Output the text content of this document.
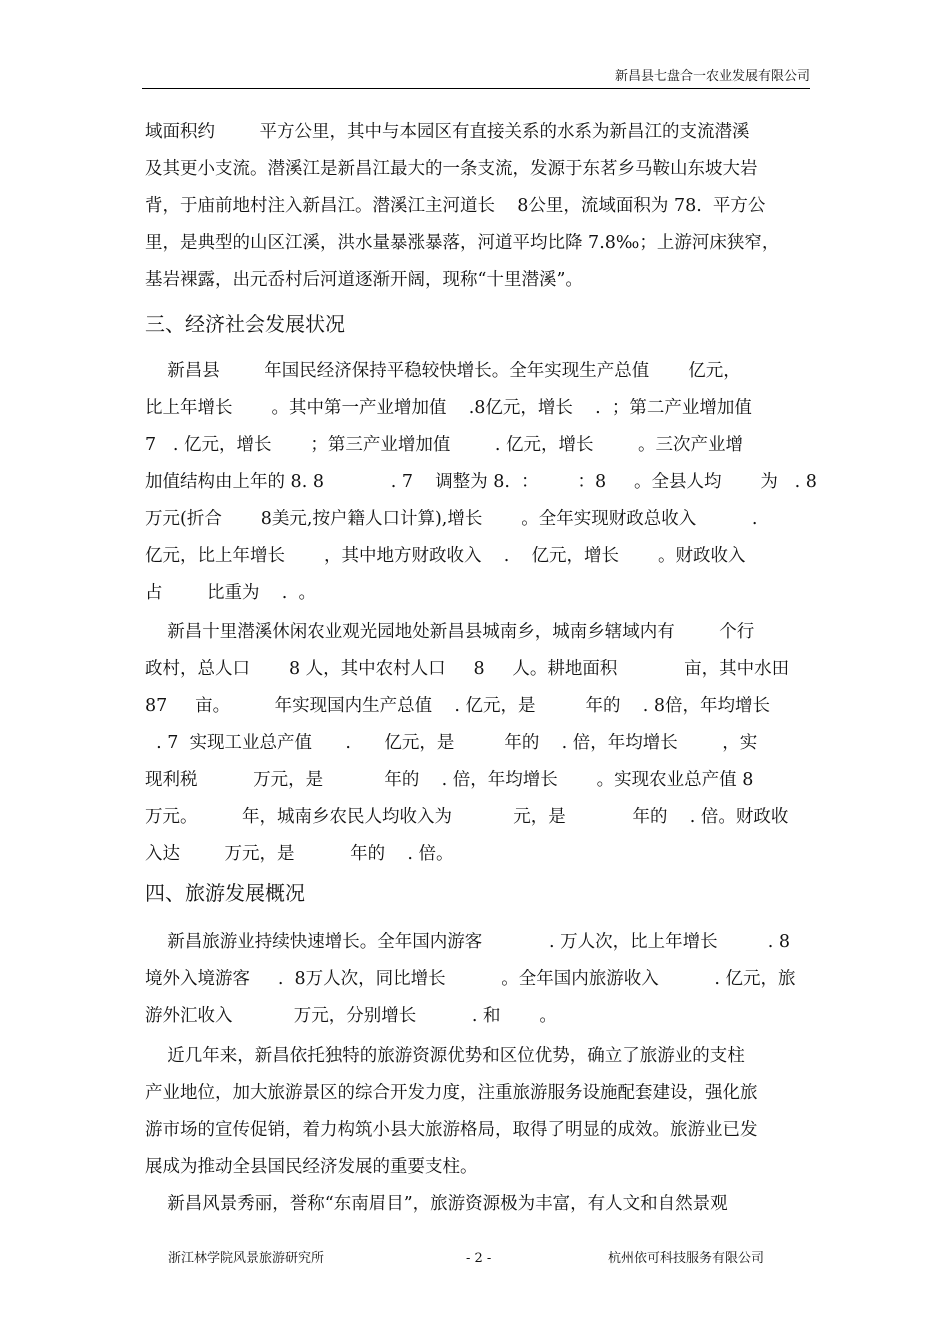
新昌县七盘合一农业发展有限公司
域面积约        平方公里，其中与本园区有直接关系的水系为新昌江的支流潜溪
及其更小支流。潜溪江是新昌江最大的一条支流，发源于东茗乡马鞍山东坡大岩
背，于庙前地村注入新昌江。潜溪江主河道长    8公里，流域面积为 78.  平方公
里，是典型的山区江溪，洪水量暴涨暴落，河道平均比降 7.8‰；上游河床狭窄，
基岩裸露，出元岙村后河道逐渐开阔，现称“十里潜溪”。
三、经济社会发展状况
新昌县        年国民经济保持平稳较快增长。全年实现生产总值       亿元，
比上年增长       。其中第一产业增加值    .8亿元，增长    .  ；第二产业增加值
7   . 亿元，增长       ；第三产业增加值        . 亿元，增长        。三次产业增
加值结构由上年的 8. 8            . 7    调整为 8.  ：       ：8     。全县人均       为   . 8
万元(折合       8美元,按户籍人口计算),增长       。全年实现财政总收入          .
亿元，比上年增长       ，其中地方财政收入    .    亿元，增长       。财政收入
占        比重为    .  。
新昌十里潜溪休闲农业观光园地处新昌县城南乡，城南乡辖域内有        个行
政村，总人口       8 人，其中农村人口     8     人。耕地面积            亩，其中水田
87     亩。        年实现国内生产总值    . 亿元，是         年的    . 8倍，年均增长
. 7  实现工业总产值      .      亿元，是         年的    . 倍，年均增长        ，实
现利税          万元，是           年的    . 倍，年均增长       。实现农业总产值 8
万元。        年，城南乡农民人均收入为           元，是            年的    . 倍。财政收
入达        万元，是          年的    . 倍。
四、旅游发展概况
新昌旅游业持续快速增长。全年国内游客            . 万人次，比上年增长         . 8
境外入境游客     .  8万人次，同比增长          。全年国内旅游收入          . 亿元，旅
游外汇收入           万元，分别增长          . 和       。
近几年来，新昌依托独特的旅游资源优势和区位优势，确立了旅游业的支柱
产业地位，加大旅游景区的综合开发力度，注重旅游服务设施配套建设，强化旅
游市场的宣传促销，着力构筑小县大旅游格局，取得了明显的成效。旅游业已发
展成为推动全县国民经济发展的重要支柱。
新昌风景秀丽，誉称“东南眉目”，旅游资源极为丰富，有人文和自然景观
浙江林学院风景旅游研究所	- 2 -	杭州依可科技服务有限公司
